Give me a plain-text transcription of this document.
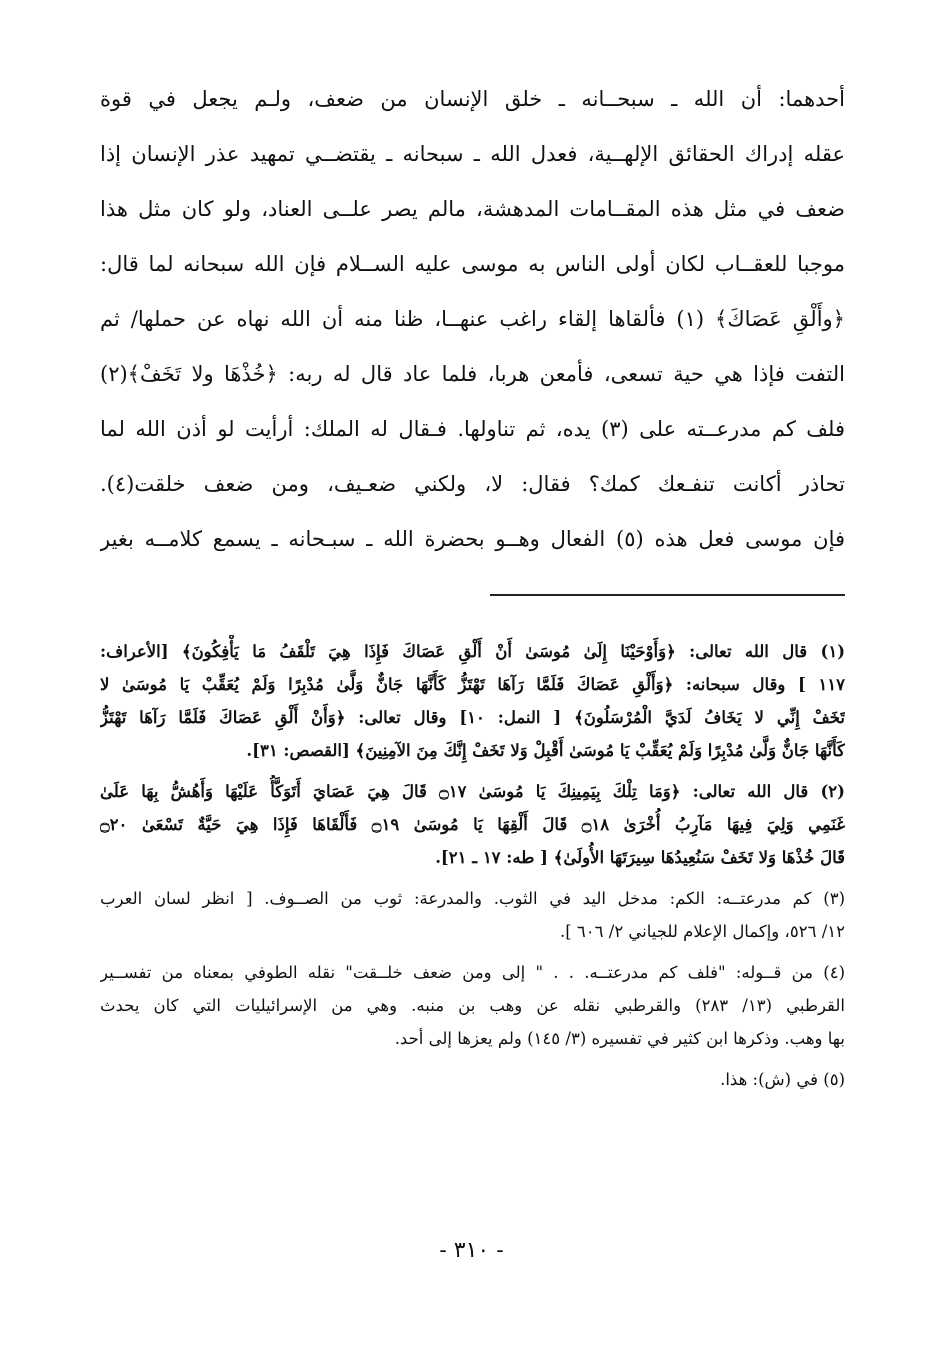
أحدهما: أن الله ـ سبحــانه ـ خلق الإنسان من ضعف، ولـم يجعل في قوة
عقله إدراك الحقائق الإلهــية، فعدل الله ـ سبحانه ـ يقتضــي تمهيد عذر الإنسان إذا
ضعف في مثل هذه المقــامات المدهشة، مالم يصر علــى العناد، ولو كان مثل هذا
موجبا للعقــاب لكان أولى الناس به موسى عليه الســلام فإن الله سبحانه لما قال:
﴿وأَلْقِ عَصَاكَ﴾ (١) فألقاها إلقاء راغب عنهــا، ظنا منه أن الله نهاه عن حملها/ ثم
التفت فإذا هي حية تسعى، فأمعن هربا، فلما عاد قال له ربه: ﴿خُذْهَا ولا تَخَفْ﴾(٢)
فلف كم مدرعــته على (٣) يده، ثم تناولها. فـقال له الملك: أرأيت لو أذن الله لما
تحاذر أكانت تنفـعك كمك؟ فقال: لا، ولكني ضعـيف، ومن ضعف خلقت(٤).
فإن موسى فعل هذه (٥) الفعال وهــو بحضرة الله ـ سبـحانه ـ يسمع كلامــه بغير
(١) قال الله تعالى: ﴿وَأَوْحَيْنَا إِلَىٰ مُوسَىٰ أَنْ أَلْقِ عَصَاكَ فَإِذَا هِيَ تَلْقَفُ مَا يَأْفِكُونَ﴾ [الأعراف:
١١٧ ] وقال سبحانه: ﴿وَأَلْقِ عَصَاكَ فَلَمَّا رَآهَا تَهْتَزُّ كَأَنَّهَا جَانٌّ وَلَّىٰ مُدْبِرًا وَلَمْ يُعَقِّبْ يَا مُوسَىٰ لا
تَخَفْ إِنِّي لا يَخَافُ لَدَيَّ الْمُرْسَلُونَ﴾ [ النمل: ١٠] وقال تعالى: ﴿وَأَنْ أَلْقِ عَصَاكَ فَلَمَّا رَآهَا تَهْتَزُّ
كَأَنَّهَا جَانٌّ وَلَّىٰ مُدْبِرًا وَلَمْ يُعَقِّبْ يَا مُوسَىٰ أَقْبِلْ وَلا تَخَفْ إِنَّكَ مِنَ الآمِنِينَ﴾ [القصص: ٣١].
(٢) قال الله تعالى: ﴿وَمَا تِلْكَ بِيَمِينِكَ يَا مُوسَىٰ ۝١٧ قَالَ هِيَ عَصَايَ أَتَوَكَّأُ عَلَيْهَا وَأَهُشُّ بِهَا عَلَىٰ
غَنَمِي وَلِيَ فِيهَا مَآرِبُ أُخْرَىٰ ۝١٨ قَالَ أَلْقِهَا يَا مُوسَىٰ ۝١٩ فَأَلْقَاهَا فَإِذَا هِيَ حَيَّةٌ تَسْعَىٰ ۝٢٠
قَالَ خُذْهَا وَلا تَخَفْ سَنُعِيدُهَا سِيرَتَهَا الأُولَىٰ﴾ [ طه: ١٧ ـ ٢١].
(٣) كم مدرعتــه: الكم: مدخل اليد في الثوب. والمدرعة: ثوب من الصــوف. [ انظر لسان العرب
١٢/ ٥٢٦، وإكمال الإعلام للجياني ٢/ ٦٠٦ ].
(٤) من قــوله: "فلف كم مدرعتــه. . . " إلى ومن ضعف خلــقت" نقله الطوفي بمعناه من تفســير
القرطبي (١٣/ ٢٨٣) والقرطبي نقله عن وهب بن منبه. وهي من الإسرائيليات التي كان يحدث
بها وهب. وذكرها ابن كثير في تفسيره (٣/ ١٤٥) ولم يعزها إلى أحد.
(٥) في (ش): هذا.
- ٣١٠ -
